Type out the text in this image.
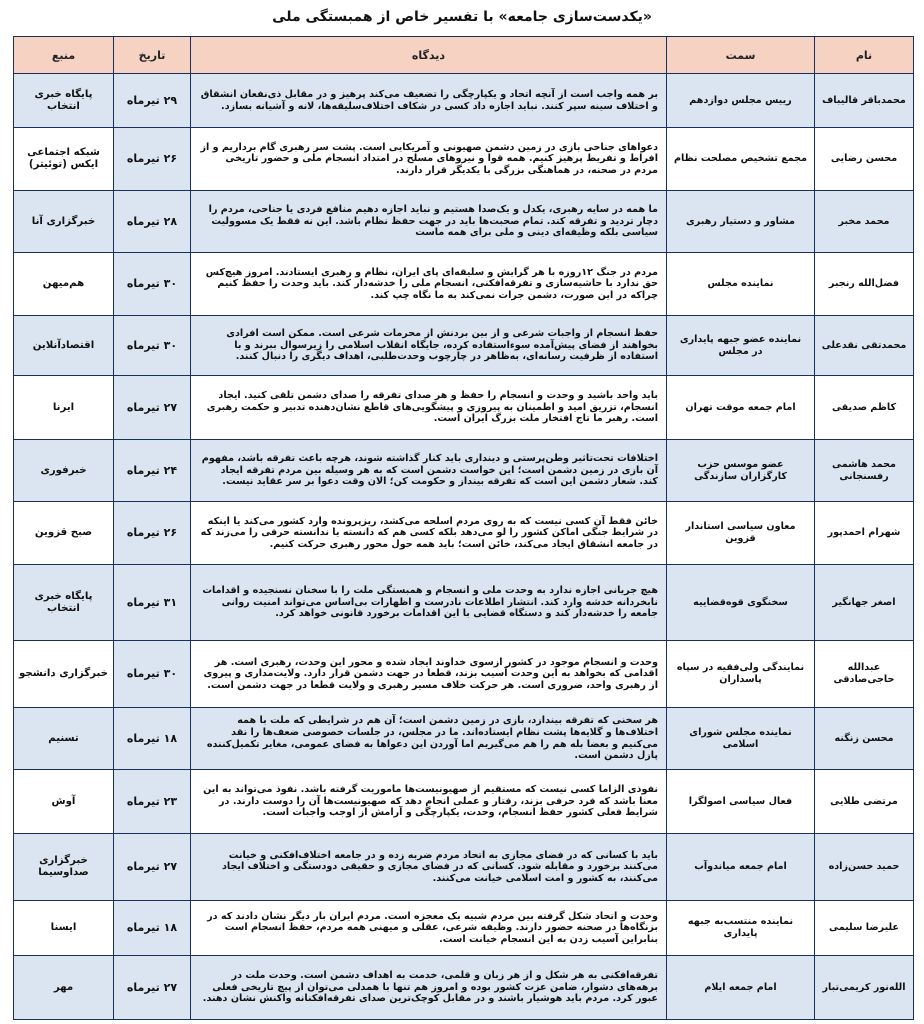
«یکدست‌سازی جامعه» با تفسیر خاص از همبستگی ملی
نام	سمت	دیدگاه	تاریخ	منبع
محمدباقر قالیباف	رییس مجلس دوازدهم	بر همه واجب است از آنچه اتحاد و یکپارچگی را تضعیف می‌کند پرهیز و در مقابل ذی‌نفعان انشقاق و اختلاف سینه سپر کنند. نباید اجازه داد کسی در شکاف اختلاف‌سلیقه‌ها، لانه و آشیانه بسازد.	۲۹ تیرماه	پایگاه خبری انتخاب
محسن رضایی	مجمع تشخیص مصلحت نظام	دعواهای جناحی بازی در زمین دشمن صهیونی و آمریکایی است. پشت سر رهبری گام برداریم و از افراط و تفریط پرهیز کنیم. همه قوا و نیروهای مسلح در امتداد انسجام ملی و حضور تاریخی مردم در صحنه، در هماهنگی بزرگی با یکدیگر قرار دارند.	۲۶ تیرماه	شبکه اجتماعی ایکس (توئیتر)
محمد مخبر	مشاور و دستیار رهبری	ما همه در سایه رهبری، یکدل و یک‌صدا هستیم و نباید اجازه دهیم منافع فردی یا جناحی، مردم را دچار تردید و تفرقه کند. تمام صحبت‌ها باید در جهت حفظ نظام باشد. این نه فقط یک مسوولیت سیاسی بلکه وظیفه‌ای دینی و ملی برای همه ماست	۲۸ تیرماه	خبرگزاری آنا
فضل‌الله رنجبر	نماینده مجلس	مردم در جنگ ۱۲روزه با هر گرایش و سلیقه‌ای پای ایران، نظام و رهبری ایستادند. امروز هیچ‌کس حق ندارد با حاشیه‌سازی و تفرقه‌افکنی، انسجام ملی را خدشه‌دار کند. باید وحدت را حفظ کنیم چراکه در این صورت، دشمن جرات نمی‌کند به ما نگاه چپ کند.	۳۰ تیرماه	هم‌میهن
محمدتقی نقدعلی	نماینده عضو جبهه پایداری در مجلس	حفظ انسجام از واجبات شرعی و از بین بردنش از محرمات شرعی است. ممکن است افرادی بخواهند از فضای پیش‌آمده سوءاستفاده کرده، جایگاه انقلاب اسلامی را زیرسوال ببرند و با استفاده از ظرفیت رسانه‌ای، به‌ظاهر در چارچوب وحدت‌طلبی، اهداف دیگری را دنبال کنند.	۳۰ تیرماه	اقتصادآنلاین
کاظم صدیقی	امام جمعه موقت تهران	باید واحد باشید و وحدت و انسجام را حفظ و هر صدای تفرقه را صدای دشمن تلقی کنید. ایجاد انسجام، تزریق امید و اطمینان به پیروزی و پیشگویی‌های قاطع نشان‌دهنده تدبیر و حکمت رهبری است. رهبر ما تاج افتخار ملت بزرگ ایران است.	۲۷ تیرماه	ایرنا
محمد هاشمی رفسنجانی	عضو موسس حزب کارگزاران سازندگی	اختلافات تحت‌تاثیر وطن‌پرستی و دینداری باید کنار گذاشته شوند، هرچه باعث تفرقه باشد، مفهوم آن بازی در زمین دشمن است؛ این خواست دشمن است که به هر وسیله بین مردم تفرقه ایجاد کند. شعار دشمن این است که تفرقه بینداز و حکومت کن؛ الان وقت دعوا بر سر عقاید نیست.	۲۴ تیرماه	خبرفوری
شهرام احمدپور	معاون سیاسی استاندار قزوین	خائن فقط آن کسی نیست که به روی مردم اسلحه می‌کشد، ریزپرونده وارد کشور می‌کند یا اینکه در شرایط جنگی اماکن کشور را لو می‌دهد بلکه کسی هم که دانسته یا ندانسته حرفی را می‌زند که در جامعه انشقاق ایجاد می‌کند، خائن است؛ باید همه حول محور رهبری حرکت کنیم.	۲۶ تیرماه	صبح قزوین
اصغر جهانگیر	سخنگوی قوه‌قضاییه	هیچ جریانی اجازه ندارد به وحدت ملی و انسجام و همبستگی ملت را با سخنان نسنجیده و اقدامات نابخردانه خدشه وارد کند. انتشار اطلاعات نادرست و اظهارات بی‌اساس می‌تواند امنیت روانی جامعه را خدشه‌دار کند و دستگاه قضایی با این اقدامات برخورد قانونی خواهد کرد.	۳۱ تیرماه	پایگاه خبری انتخاب
عبدالله حاجی‌صادقی	نمایندگی ولی‌فقیه در سپاه پاسداران	وحدت و انسجام موجود در کشور از‌سوی خداوند ایجاد شده و محور این وحدت، رهبری است. هر اقدامی که بخواهد به این وحدت آسیب بزند، قطعا در جهت دشمن قرار دارد. ولایت‌مداری و پیروی از رهبری واحد، ضروری است. هر حرکت خلاف مسیر رهبری و ولایت قطعا در جهت دشمن است.	۳۰ تیرماه	خبرگزاری دانشجو
محسن زنگنه	نماینده مجلس شورای اسلامی	هر سخنی که تفرقه بیندازد، بازی در زمین دشمن است؛ آن هم در شرایطی که ملت با همه اختلاف‌ها و گلایه‌ها پشت نظام ایستاده‌اند. ما در مجلس، در جلسات خصوصی ضعف‌ها را نقد می‌کنیم و بعضا بله هم را هم می‌گیریم اما آوردن این دعواها به فضای عمومی، مغایر تکمیل‌کننده پازل دشمن است.	۱۸ تیرماه	تسنیم
مرتضی طلایی	فعال سیاسی اصولگرا	نفوذی الزاما کسی نیست که مستقیم از صهیونیست‌ها ماموریت گرفته باشد. نفوذ می‌تواند به این معنا باشد که فرد حرفی بزند، رفتار و عملی انجام دهد که صهیونیست‌ها آن را دوست دارند. در شرایط فعلی کشور حفظ انسجام، وحدت، یکپارچگی و آرامش از اوجب واجبات است.	۲۳ تیرماه	آوش
حمید حسن‌زاده	امام جمعه میاندوآب	باید با کسانی که در فضای مجازی به اتحاد مردم ضربه زده و در جامعه اختلاف‌افکنی و خیانت می‌کنند برخورد و مقابله شود. کسانی که در فضای مجازی و حقیقی دودستگی و اختلاف ایجاد می‌کنند، به کشور و امت اسلامی خیانت می‌کنند.	۲۷ تیرماه	خبرگزاری صداوسیما
علیرضا سلیمی	نماینده منتسب‌به جبهه پایداری	وحدت و اتحاد شکل گرفته بین مردم شبیه یک معجزه است. مردم ایران بار دیگر نشان دادند که در بزنگاه‌ها در صحنه حضور دارند. وظیفه شرعی، عقلی و میهنی همه مردم، حفظ انسجام است بنابراین آسیب زدن به این انسجام خیانت است.	۱۸ تیرماه	ایسنا
الله‌نور کریمی‌تبار	امام جمعه ایلام	تفرقه‌افکنی به هر شکل و از هر زبان و قلمی، خدمت به اهداف دشمن است. وحدت ملت در برهه‌های دشوار، ضامن عزت کشور بوده و امروز هم تنها با همدلی می‌توان از پیچ تاریخی فعلی عبور کرد. مردم باید هوشیار باشند و در مقابل کوچک‌ترین صدای تفرقه‌افکنانه واکنش نشان دهند.	۲۷ تیرماه	مهر
